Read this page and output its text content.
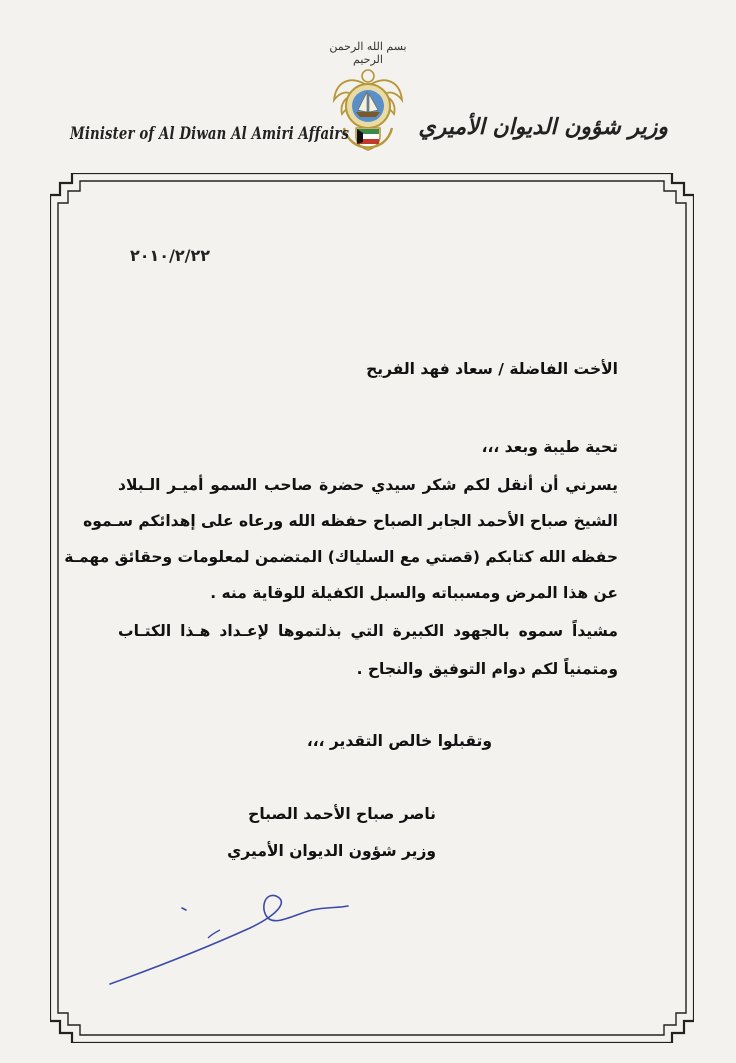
بسم الله الرحمن الرحيم
Minister of Al Diwan Al Amiri Affairs	وزير شؤون الديوان الأميري
٢٠١٠/٢/٢٢
الأخت الفاضلة / سعاد فهد الفريح
تحية طيبة وبعد ،،،
يسرني أن أنقل لكم شكر سيدي حضرة صاحب السمو أميـر الـبلاد
الشيخ صباح الأحمد الجابر الصباح حفظه الله ورعاه على إهدائكم سـموه
حفظه الله كتابكم (قصتي مع السلياك) المتضمن لمعلومات وحقائق مهمـة
عن هذا المرض ومسبباته والسبل الكفيلة للوقاية منه .
مشيداً سموه بالجهود الكبيرة التي بذلتموها لإعـداد هـذا الكتـاب
ومتمنياً لكم دوام التوفيق والنجاح .
وتقبلوا خالص التقدير ،،،
ناصر صباح الأحمد الصباح
وزير شؤون الديوان الأميري
